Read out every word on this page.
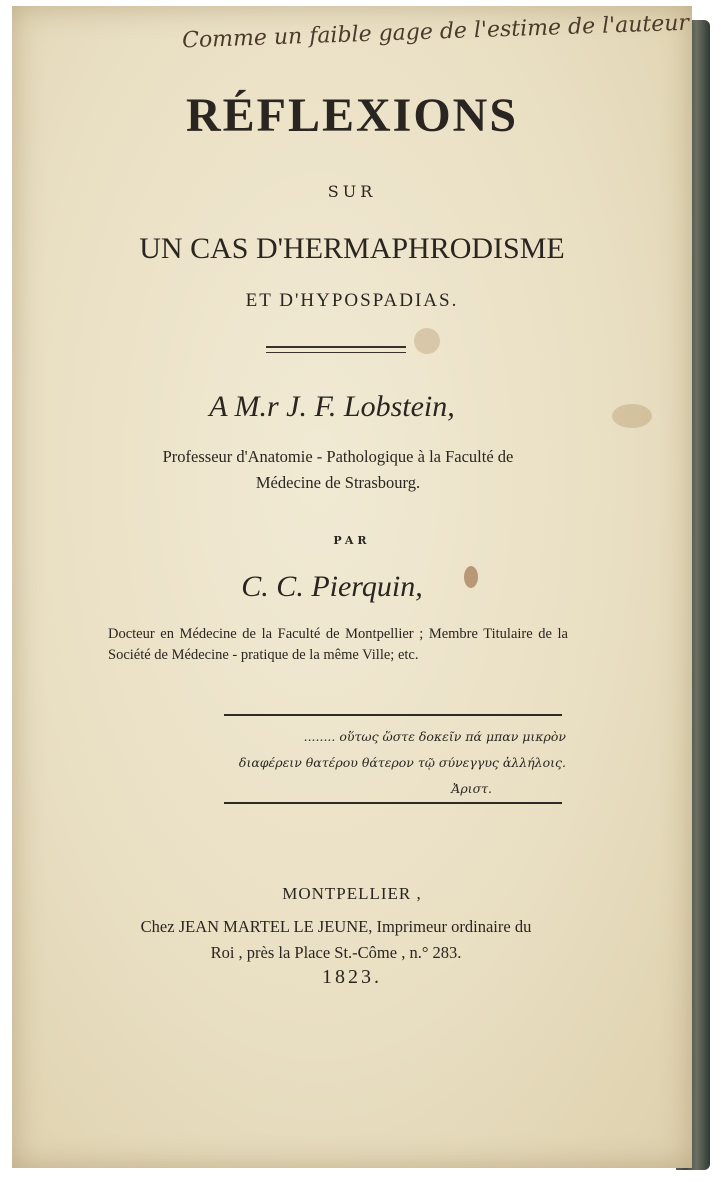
Comme un faible gage de l'estime de l'auteur
RÉFLEXIONS
SUR
UN CAS D'HERMAPHRODISME
ET D'HYPOSPADIAS.
A M.r J. F. Lobstein,
Professeur d'Anatomie - Pathologique à la Faculté de
Médecine de Strasbourg.
PAR
C. C. Pierquin,
Docteur en Médecine de la Faculté de Montpellier ; Membre Titulaire de la Société de Médecine - pratique de la même Ville; etc.
........ οὕτως ὥστε δοκεῖν πά μπαν μικρὸν
διαφέρειν θατέρου θάτερον τῷ σύνεγγυς ἀλλήλοις.
Ἀριστ.
MONTPELLIER ,
Chez JEAN MARTEL LE JEUNE, Imprimeur ordinaire du
Roi , près la Place St.-Côme , n.° 283.
1823.
